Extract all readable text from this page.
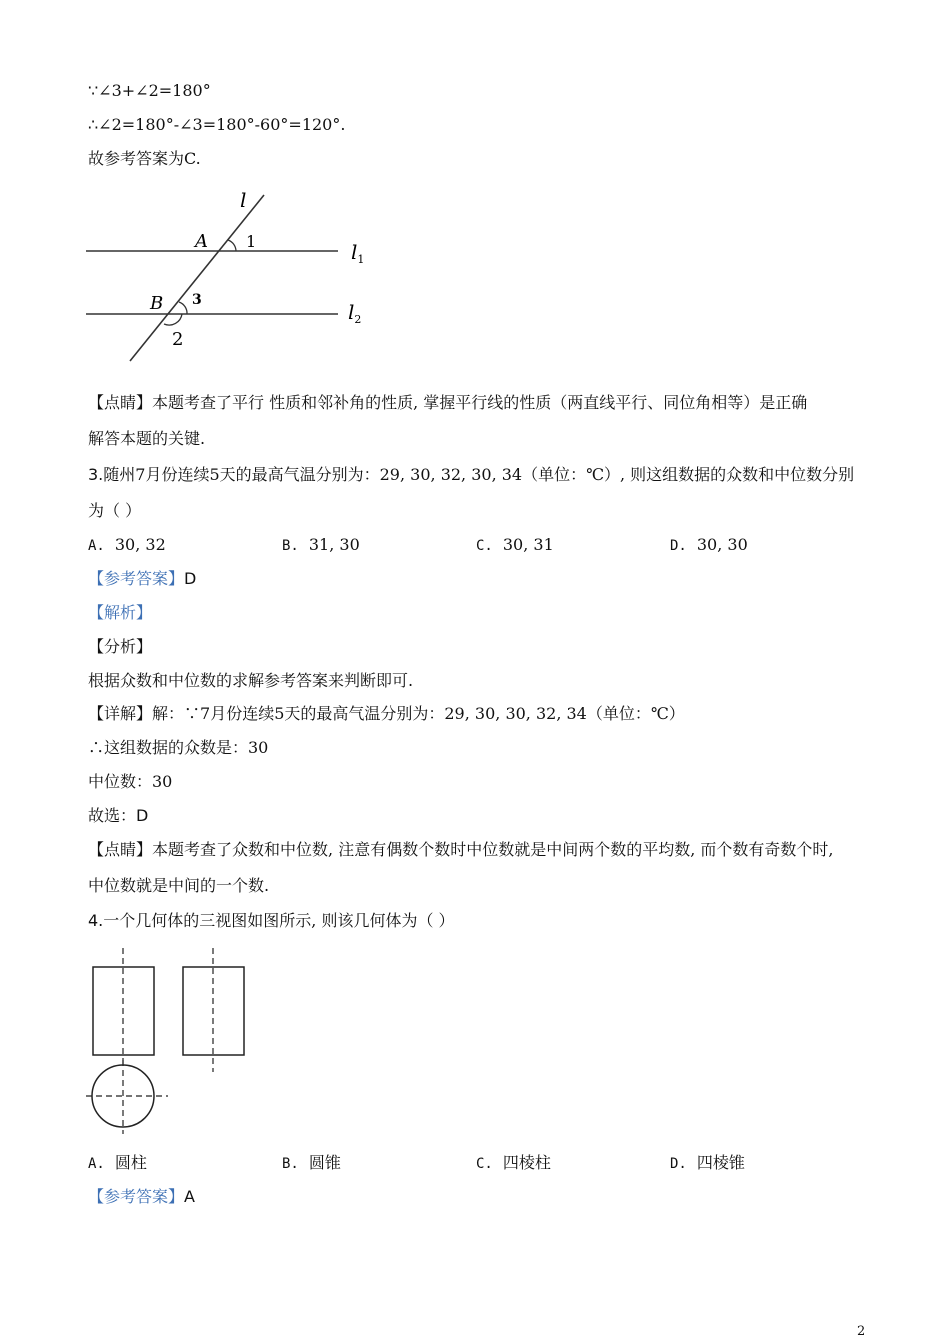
∵∠3+∠2=180°
∴∠2=180°-∠3=180°-60°=120°.
故参考答案为C.
l
A 1	$l_1$
B 3
2
$l_2$
【点睛】本题考查了平行 性质和邻补角的性质, 掌握平行线的性质（两直线平行、同位角相等）是正确
解答本题的关键.
3.随州7月份连续5天的最高气温分别为：29, 30, 32, 30, 34（单位：℃）, 则这组数据的众数和中位数分别
为（ ）
A. 30, 32	B. 31, 30	C. 30, 31	D. 30, 30
【参考答案】D
【解析】
【分析】
根据众数和中位数的求解参考答案来判断即可.
【详解】解：∵7月份连续5天的最高气温分别为：29, 30, 30, 32, 34（单位：℃）
∴这组数据的众数是：30
中位数：30
故选：D
【点睛】本题考查了众数和中位数, 注意有偶数个数时中位数就是中间两个数的平均数, 而个数有奇数个时,
中位数就是中间的一个数.
4.一个几何体的三视图如图所示, 则该几何体为（ ）
A. 圆柱	B. 圆锥	C. 四棱柱	D. 四棱锥
【参考答案】A
2
